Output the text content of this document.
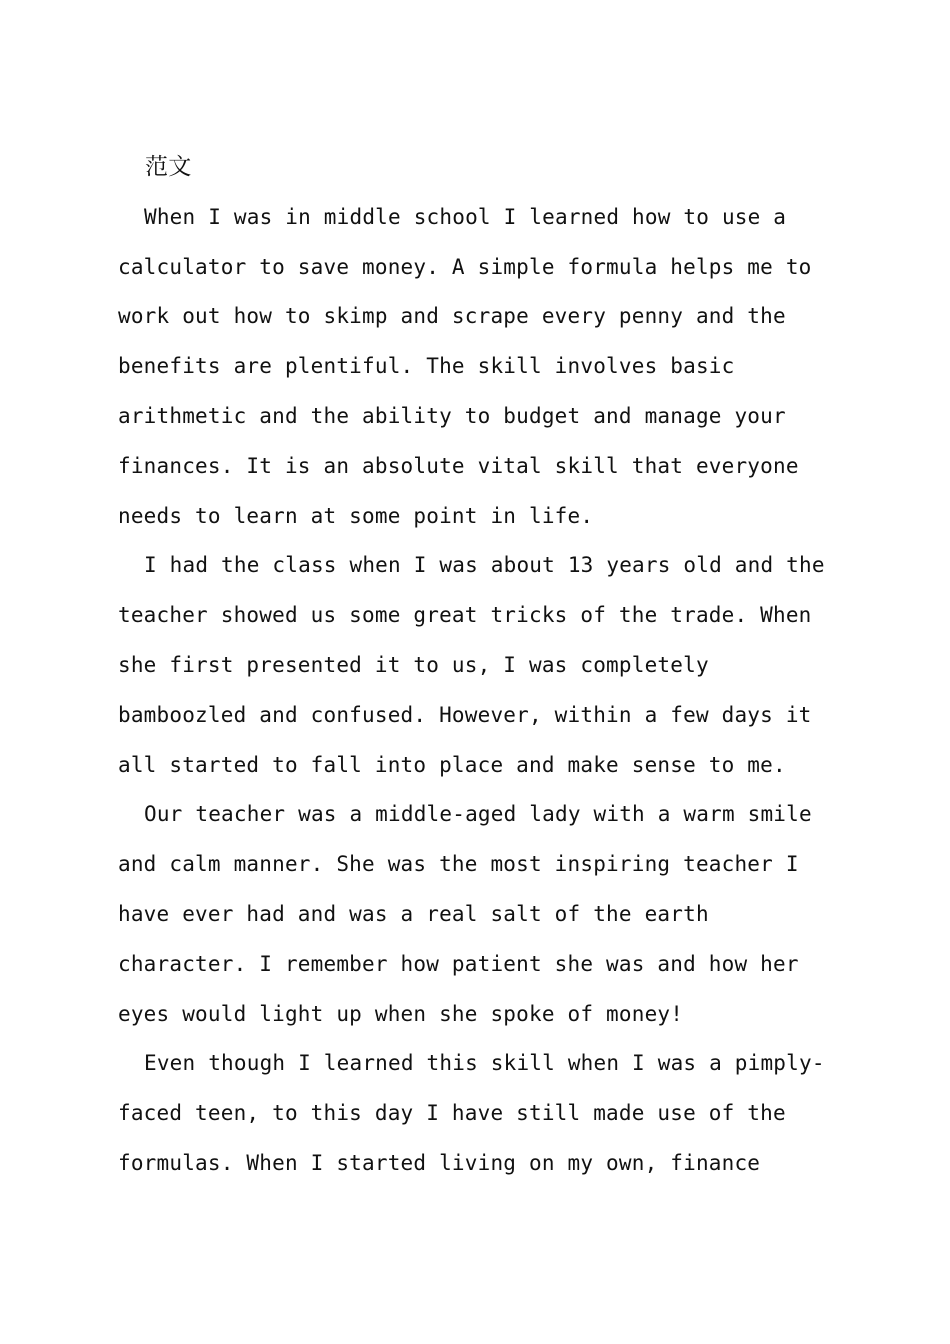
范文

When I was in middle school I learned how to use a calculator to save money. A simple formula helps me to work out how to skimp and scrape every penny and the benefits are plentiful. The skill involves basic arithmetic and the ability to budget and manage your finances. It is an absolute vital skill that everyone needs to learn at some point in life.

I had the class when I was about 13 years old and the teacher showed us some great tricks of the trade. When she first presented it to us, I was completely bamboozled and confused. However, within a few days it all started to fall into place and make sense to me.

Our teacher was a middle-aged lady with a warm smile and calm manner. She was the most inspiring teacher I have ever had and was a real salt of the earth character. I remember how patient she was and how her eyes would light up when she spoke of money!

Even though I learned this skill when I was a pimply-faced teen, to this day I have still made use of the formulas. When I started living on my own, finance
